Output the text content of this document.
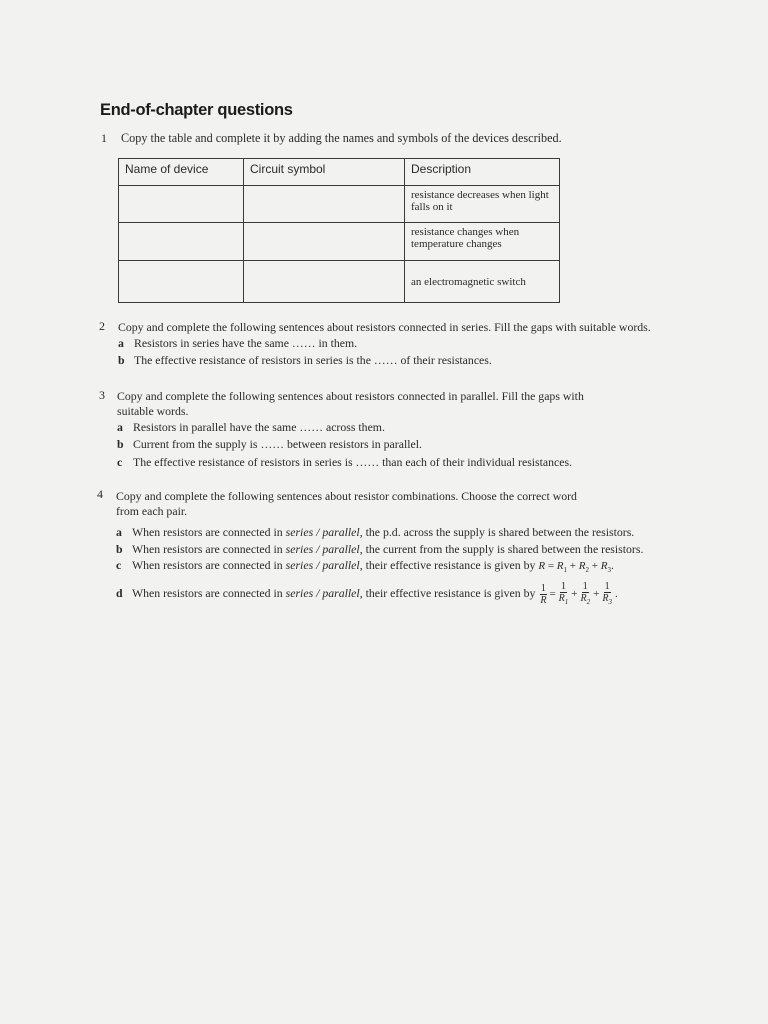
End-of-chapter questions
1 Copy the table and complete it by adding the names and symbols of the devices described.
Name of device	Circuit symbol	Description
		resistance decreases when light falls on it
		resistance changes when temperature changes
		an electromagnetic switch
2 Copy and complete the following sentences about resistors connected in series. Fill the gaps with suitable words.
a Resistors in series have the same …… in them.
b The effective resistance of resistors in series is the …… of their resistances.
3 Copy and complete the following sentences about resistors connected in parallel. Fill the gaps with
suitable words.
a Resistors in parallel have the same …… across them.
b Current from the supply is …… between resistors in parallel.
c The effective resistance of resistors in series is …… than each of their individual resistances.
4 Copy and complete the following sentences about resistor combinations. Choose the correct word
from each pair.
a When resistors are connected in series / parallel, the p.d. across the supply is shared between the resistors.
b When resistors are connected in series / parallel, the current from the supply is shared between the resistors.
c When resistors are connected in series / parallel, their effective resistance is given by $R = R_1 + R_2 + R_3$.
d When resistors are connected in series / parallel, their effective resistance is given by $\frac{1}{R} = \frac{1}{R_1} + \frac{1}{R_2} + \frac{1}{R_3}$ .
